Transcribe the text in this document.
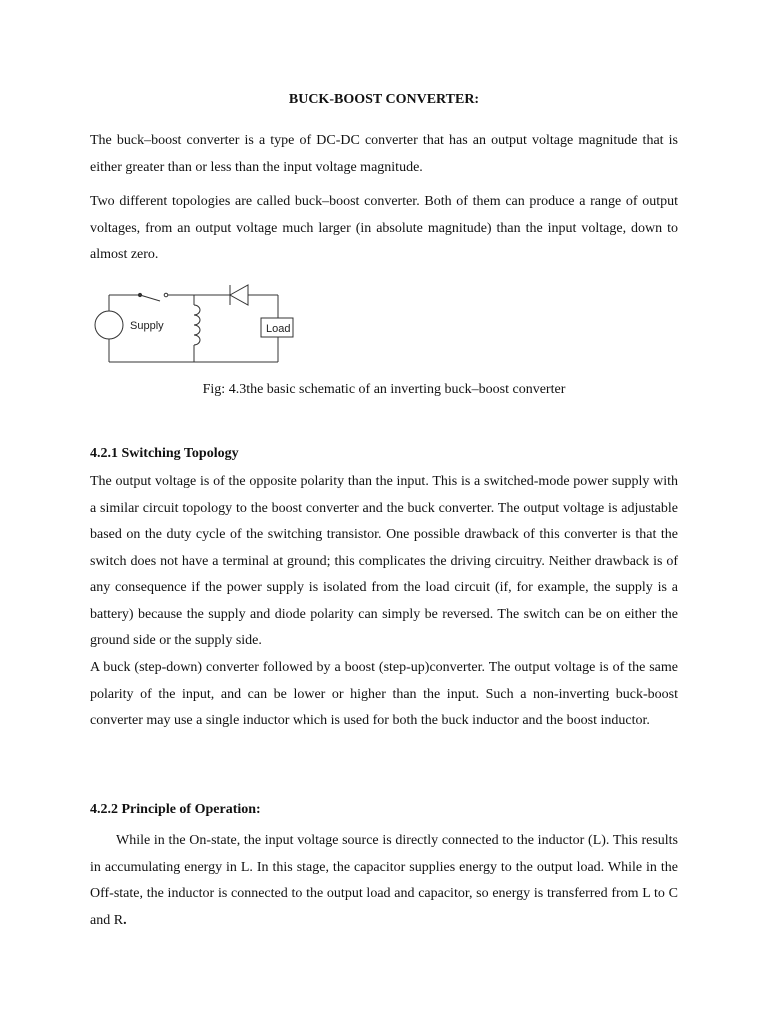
BUCK-BOOST CONVERTER:

The buck–boost converter is a type of DC-DC converter that has an output voltage magnitude that is either greater than or less than the input voltage magnitude.

Two different topologies are called buck–boost converter. Both of them can produce a range of output voltages, from an output voltage much larger (in absolute magnitude) than the input voltage, down to almost zero.

Supply	Load
Fig: 4.3the basic schematic of an inverting buck–boost converter
4.2.1 Switching Topology

The output voltage is of the opposite polarity than the input. This is a switched-mode power supply with a similar circuit topology to the boost converter and the buck converter. The output voltage is adjustable based on the duty cycle of the switching transistor. One possible drawback of this converter is that the switch does not have a terminal at ground; this complicates the driving circuitry. Neither drawback is of any consequence if the power supply is isolated from the load circuit (if, for example, the supply is a battery) because the supply and diode polarity can simply be reversed. The switch can be on either the ground side or the supply side.

A buck (step-down) converter followed by a boost (step-up)converter. The output voltage is of the same polarity of the input, and can be lower or higher than the input. Such a non-inverting buck-boost converter may use a single inductor which is used for both the buck inductor and the boost inductor.

4.2.2 Principle of Operation:

While in the On-state, the input voltage source is directly connected to the inductor (L). This results in accumulating energy in L. In this stage, the capacitor supplies energy to the output load. While in the Off-state, the inductor is connected to the output load and capacitor, so energy is transferred from L to C and R.
